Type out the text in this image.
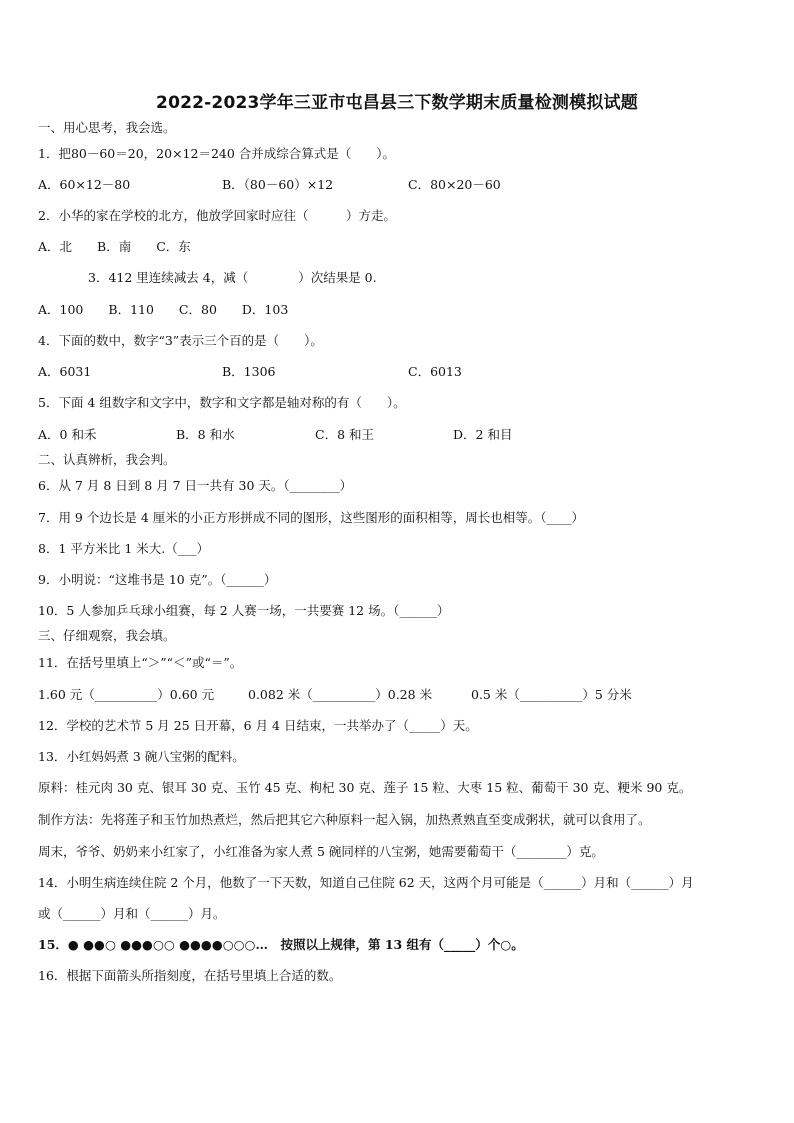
2022-2023学年三亚市屯昌县三下数学期末质量检测模拟试题
一、用心思考，我会选。
1．把80－60＝20，20×12＝240 合并成综合算式是（　　）。
A．60×12－80	B．（80－60）×12	C．80×20－60
2．小华的家在学校的北方，他放学回家时应往（　　　）方走。
A．北　　B．南　　C．东
3．412 里连续减去 4，减（　　　　）次结果是 0.
A．100　　B．110　　C．80　　D．103
4．下面的数中，数字“3”表示三个百的是（　　）。
A．6031	B．1306	C．6013
5．下面 4 组数字和文字中，数字和文字都是轴对称的有（　　）。
A．0 和禾	B．8 和水	C．8 和王	D．2 和目
二、认真辨析，我会判。
6．从 7 月 8 日到 8 月 7 日一共有 30 天。（________）
7．用 9 个边长是 4 厘米的小正方形拼成不同的图形，这些图形的面积相等，周长也相等。（____）
8．1 平方米比 1 米大.（___）
9．小明说：“这堆书是 10 克”。（______）
10．5 人参加乒乓球小组赛，每 2 人赛一场，一共要赛 12 场。（______）
三、仔细观察，我会填。
11．在括号里填上“＞”“＜”或“＝”。
1.60 元（__________）0.60 元	0.082 米（__________）0.28 米	0.5 米（__________）5 分米
12．学校的艺术节 5 月 25 日开幕，6 月 4 日结束，一共举办了（_____）天。
13．小红妈妈煮 3 碗八宝粥的配料。
原料：桂元肉 30 克、银耳 30 克、玉竹 45 克、枸杞 30 克、莲子 15 粒、大枣 15 粒、葡萄干 30 克、粳米 90 克。
制作方法：先将莲子和玉竹加热煮烂，然后把其它六种原料一起入锅，加热煮熟直至变成粥状，就可以食用了。
周末，爷爷、奶奶来小红家了，小红准备为家人煮 5 碗同样的八宝粥，她需要葡萄干（________）克。
14．小明生病连续住院 2 个月，他数了一下天数，知道自己住院 62 天，这两个月可能是（______）月和（______）月
或（______）月和（______）月。
15．● ●●○ ●●●○○ ●●●●○○○…　按照以上规律，第 13 组有（_____）个○。
16．根据下面箭头所指刻度，在括号里填上合适的数。
